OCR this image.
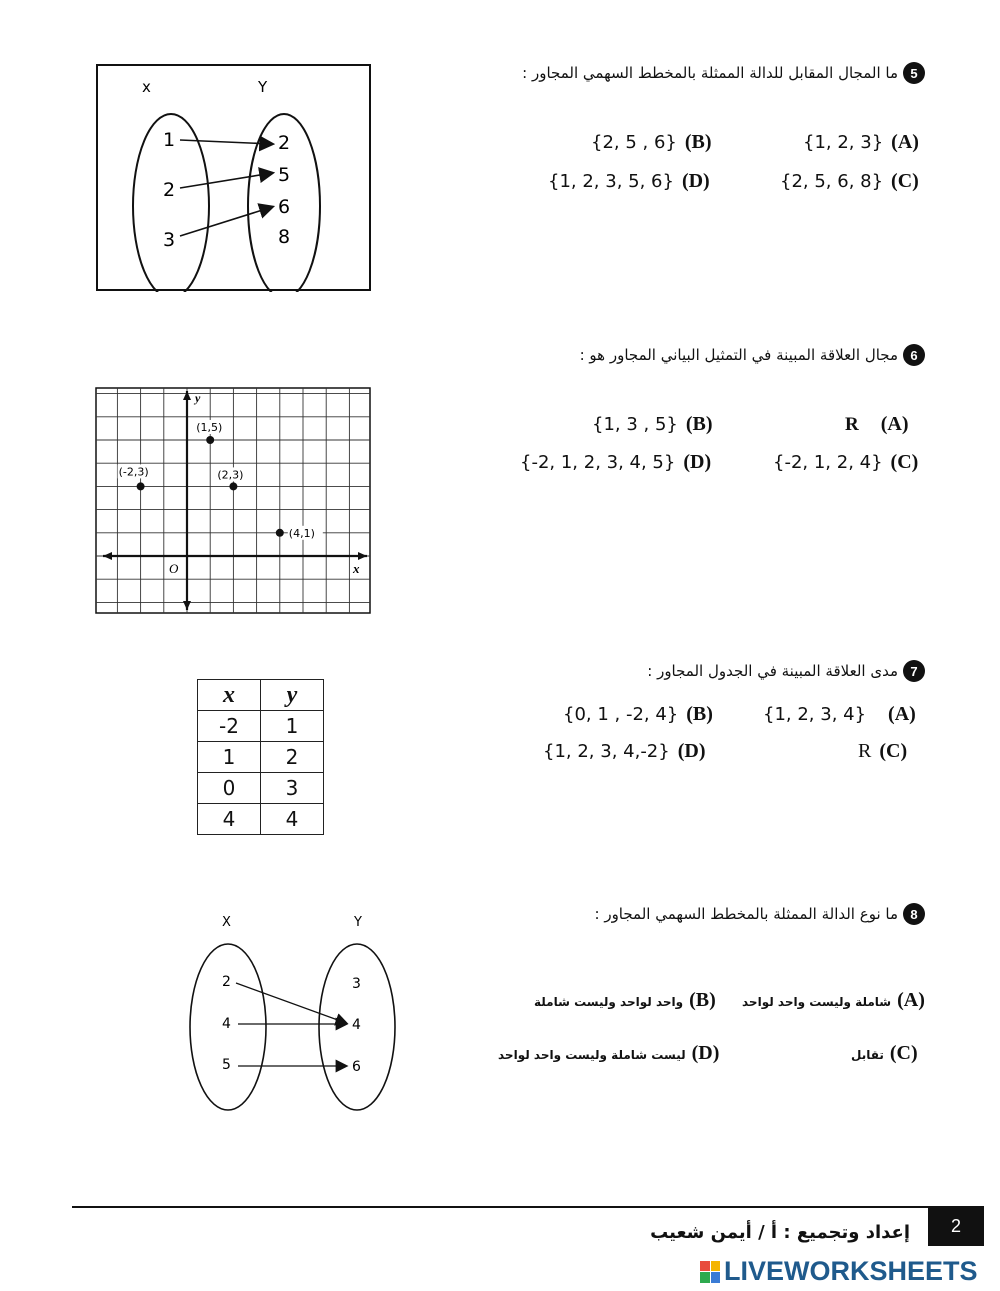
5
ما المجال المقابل للدالة الممثلة بالمخطط السهمي المجاور :
{1, 2, 3} (A)
{2, 5 , 6} (B)
{2, 5, 6, 8} (C)
{1, 2, 3, 5, 6} (D)
x	Y
1
2
3
2
5
6
8
6
مجال العلاقة المبينة في التمثيل البياني المجاور هو :
R (A)
{1, 3 , 5} (B)
{-2, 1, 2, 4} (C)
{-2, 1, 2, 3, 4, 5} (D)
y
x
O
(1,5)
(-2,3)	(2,3)
(4,1)
7
مدى العلاقة المبينة في الجدول المجاور :
{1, 2, 3, 4} (A)
{0, 1 , -2, 4} (B)
R (C)
{1, 2, 3, 4,-2} (D)
x	y
-2	1
1	2
0	3
4	4
8
ما نوع الدالة الممثلة بالمخطط السهمي المجاور :
شاملة وليست واحد لواحد (A)
واحد لواحد وليست شاملة (B)
تقابل (C)
ليست شاملة وليست واحد لواحد (D)
X	Y
2
4
5
3
4
6
2
إعداد وتجميع : أ / أيمن شعيب
LIVEWORKSHEETS
